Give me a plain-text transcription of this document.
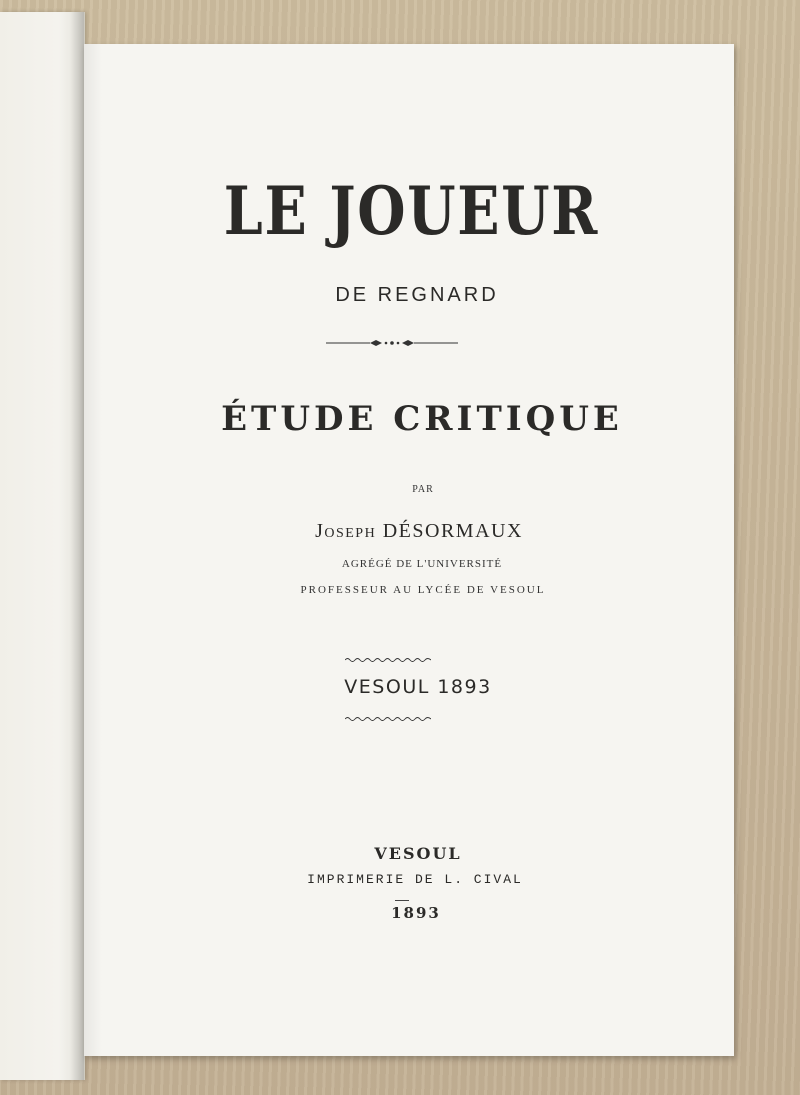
LE JOUEUR
DE REGNARD
ÉTUDE CRITIQUE
PAR
Joseph DÉSORMAUX
AGRÉGÉ DE L'UNIVERSITÉ
PROFESSEUR AU LYCÉE DE VESOUL
VESOUL 1893
VESOUL
IMPRIMERIE DE L. CIVAL
1893
